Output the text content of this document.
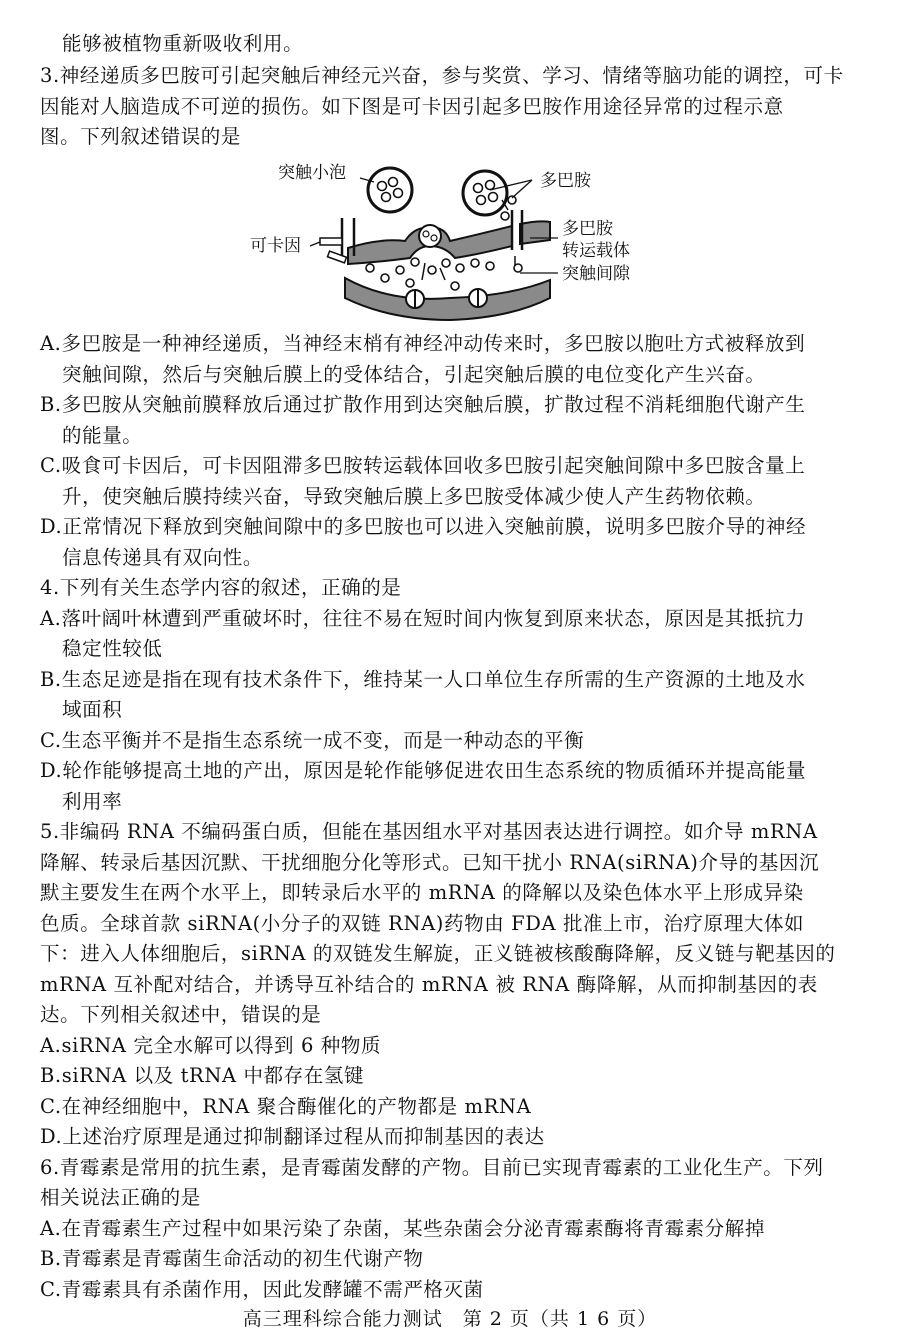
能够被植物重新吸收利用。
3.神经递质多巴胺可引起突触后神经元兴奋，参与奖赏、学习、情绪等脑功能的调控，可卡
因能对人脑造成不可逆的损伤。如下图是可卡因引起多巴胺作用途径异常的过程示意
图。下列叙述错误的是
突触小泡	多巴胺
可卡因
多巴胺
转运载体
突触间隙
A.多巴胺是一种神经递质，当神经末梢有神经冲动传来时，多巴胺以胞吐方式被释放到
突触间隙，然后与突触后膜上的受体结合，引起突触后膜的电位变化产生兴奋。
B.多巴胺从突触前膜释放后通过扩散作用到达突触后膜，扩散过程不消耗细胞代谢产生
的能量。
C.吸食可卡因后，可卡因阻滞多巴胺转运载体回收多巴胺引起突触间隙中多巴胺含量上
升，使突触后膜持续兴奋，导致突触后膜上多巴胺受体减少使人产生药物依赖。
D.正常情况下释放到突触间隙中的多巴胺也可以进入突触前膜，说明多巴胺介导的神经
信息传递具有双向性。
4.下列有关生态学内容的叙述，正确的是
A.落叶阔叶林遭到严重破坏时，往往不易在短时间内恢复到原来状态，原因是其抵抗力
稳定性较低
B.生态足迹是指在现有技术条件下，维持某一人口单位生存所需的生产资源的土地及水
域面积
C.生态平衡并不是指生态系统一成不变，而是一种动态的平衡
D.轮作能够提高土地的产出，原因是轮作能够促进农田生态系统的物质循环并提高能量
利用率
5.非编码 RNA 不编码蛋白质，但能在基因组水平对基因表达进行调控。如介导 mRNA
降解、转录后基因沉默、干扰细胞分化等形式。已知干扰小 RNA(siRNA)介导的基因沉
默主要发生在两个水平上，即转录后水平的 mRNA 的降解以及染色体水平上形成异染
色质。全球首款 siRNA(小分子的双链 RNA)药物由 FDA 批准上市，治疗原理大体如
下：进入人体细胞后，siRNA 的双链发生解旋，正义链被核酸酶降解，反义链与靶基因的
mRNA 互补配对结合，并诱导互补结合的 mRNA 被 RNA 酶降解，从而抑制基因的表
达。下列相关叙述中，错误的是
A.siRNA 完全水解可以得到 6 种物质
B.siRNA 以及 tRNA 中都存在氢键
C.在神经细胞中，RNA 聚合酶催化的产物都是 mRNA
D.上述治疗原理是通过抑制翻译过程从而抑制基因的表达
6.青霉素是常用的抗生素，是青霉菌发酵的产物。目前已实现青霉素的工业化生产。下列
相关说法正确的是
A.在青霉素生产过程中如果污染了杂菌，某些杂菌会分泌青霉素酶将青霉素分解掉
B.青霉素是青霉菌生命活动的初生代谢产物
C.青霉素具有杀菌作用，因此发酵罐不需严格灭菌
高三理科综合能力测试　第 2 页（共 1 6 页）
